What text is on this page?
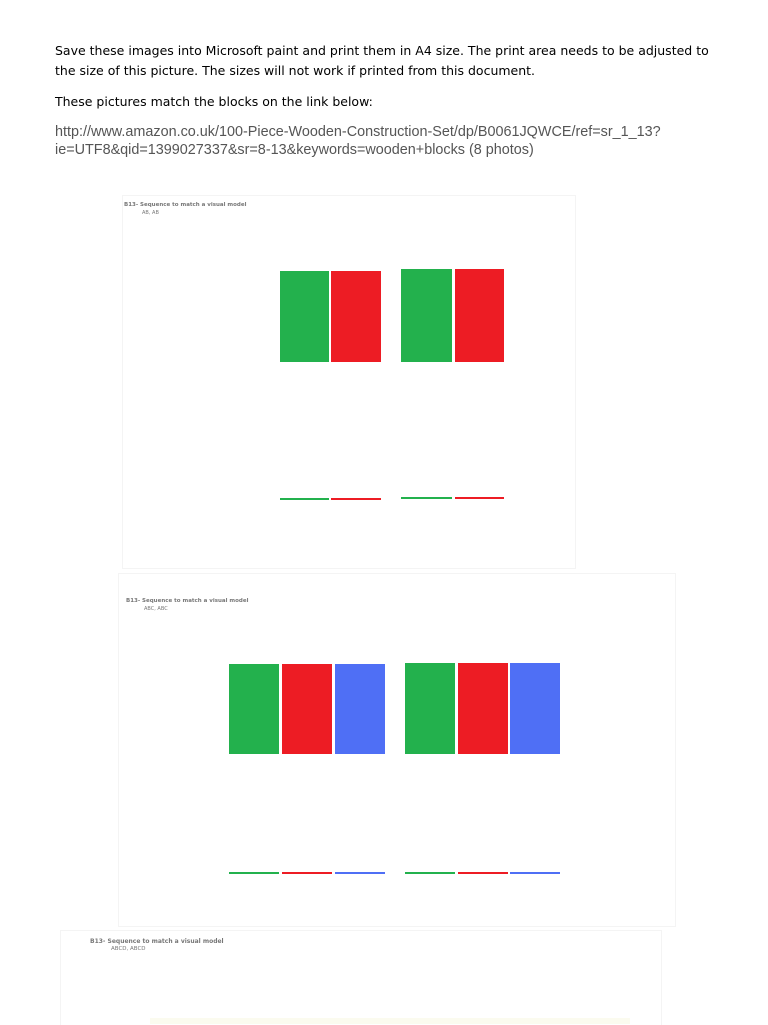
Save these images into Microsoft paint and print them in A4 size. The print area needs to be adjusted to the size of this picture. The sizes will not work if printed from this document.

These pictures match the blocks on the link below:

http://www.amazon.co.uk/100-Piece-Wooden-Construction-Set/dp/B0061JQWCE/ref=sr_1_13?ie=UTF8&qid=1399027337&sr=8-13&keywords=wooden+blocks (8 photos)
B13- Sequence to match a visual model
AB, AB
B13- Sequence to match a visual model
ABC, ABC
B13- Sequence to match a visual model
ABCD, ABCD
